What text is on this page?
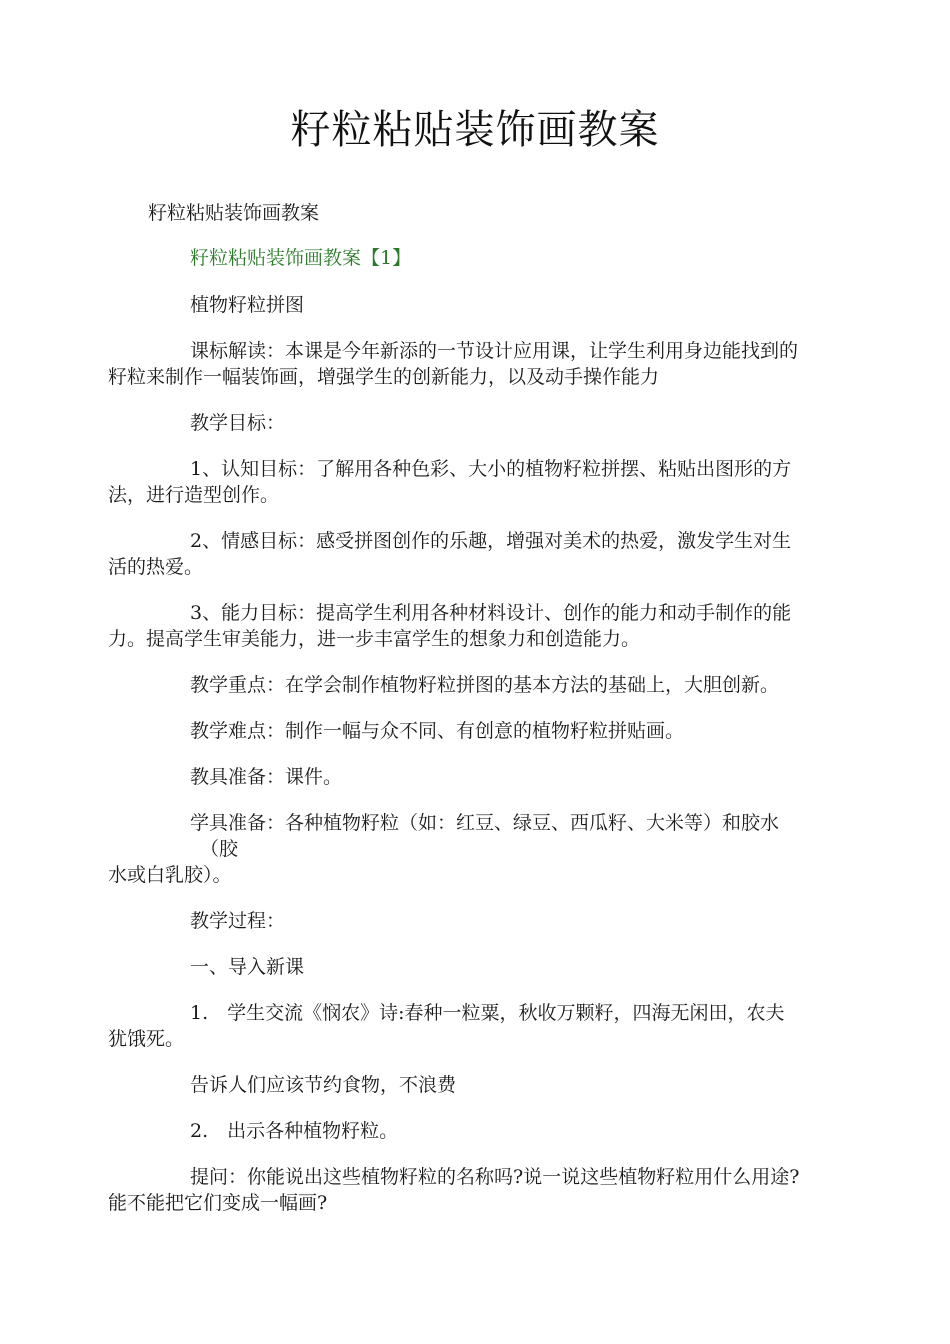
籽粒粘贴装饰画教案
籽粒粘贴装饰画教案
籽粒粘贴装饰画教案【1】
植物籽粒拼图
课标解读：本课是今年新添的一节设计应用课，让学生利用身边能找到的
籽粒来制作一幅装饰画，增强学生的创新能力，以及动手操作能力
教学目标：
1、认知目标：了解用各种色彩、大小的植物籽粒拼摆、粘贴出图形的方
法，进行造型创作。
2、情感目标：感受拼图创作的乐趣，增强对美术的热爱，激发学生对生
活的热爱。
3、能力目标：提高学生利用各种材料设计、创作的能力和动手制作的能
力。提高学生审美能力，进一步丰富学生的想象力和创造能力。
教学重点：在学会制作植物籽粒拼图的基本方法的基础上，大胆创新。
教学难点：制作一幅与众不同、有创意的植物籽粒拼贴画。
教具准备：课件。
学具准备：各种植物籽粒（如：红豆、绿豆、西瓜籽、大米等）和胶水
（胶
水或白乳胶）。
教学过程：
一、导入新课
1.　学生交流《悯农》诗:春种一粒粟，秋收万颗籽，四海无闲田，农夫
犹饿死。
告诉人们应该节约食物，不浪费
2.　出示各种植物籽粒。
提问：你能说出这些植物籽粒的名称吗?说一说这些植物籽粒用什么用途?
能不能把它们变成一幅画?
